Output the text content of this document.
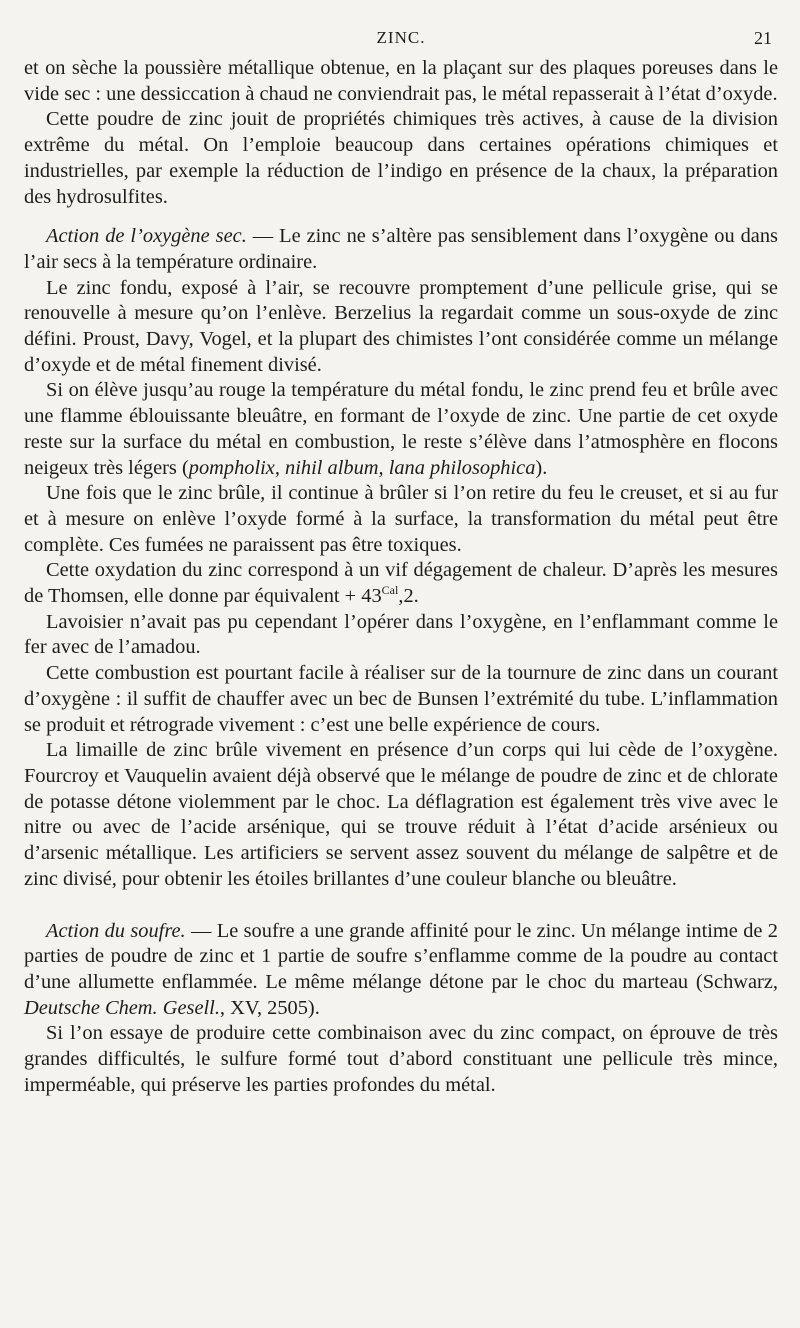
ZINC.	21

et on sèche la poussière métallique obtenue, en la plaçant sur des plaques poreuses dans le vide sec : une dessiccation à chaud ne conviendrait pas, le métal repasserait à l’état d’oxyde.

Cette poudre de zinc jouit de propriétés chimiques très actives, à cause de la division extrême du métal. On l’emploie beaucoup dans certaines opérations chimiques et industrielles, par exemple la réduction de l’indigo en présence de la chaux, la préparation des hydrosulfites.

Action de l’oxygène sec. — Le zinc ne s’altère pas sensiblement dans l’oxygène ou dans l’air secs à la température ordinaire.

Le zinc fondu, exposé à l’air, se recouvre promptement d’une pellicule grise, qui se renouvelle à mesure qu’on l’enlève. Berzelius la regardait comme un sous-oxyde de zinc défini. Proust, Davy, Vogel, et la plupart des chimistes l’ont considérée comme un mélange d’oxyde et de métal finement divisé.

Si on élève jusqu’au rouge la température du métal fondu, le zinc prend feu et brûle avec une flamme éblouissante bleuâtre, en formant de l’oxyde de zinc. Une partie de cet oxyde reste sur la surface du métal en combustion, le reste s’élève dans l’atmosphère en flocons neigeux très légers (pompholix, nihil album, lana philosophica).

Une fois que le zinc brûle, il continue à brûler si l’on retire du feu le creuset, et si au fur et à mesure on enlève l’oxyde formé à la surface, la transformation du métal peut être complète. Ces fumées ne paraissent pas être toxiques.

Cette oxydation du zinc correspond à un vif dégagement de chaleur. D’après les mesures de Thomsen, elle donne par équivalent + $43^{Cal},2$.

Lavoisier n’avait pas pu cependant l’opérer dans l’oxygène, en l’enflammant comme le fer avec de l’amadou.

Cette combustion est pourtant facile à réaliser sur de la tournure de zinc dans un courant d’oxygène : il suffit de chauffer avec un bec de Bunsen l’extrémité du tube. L’inflammation se produit et rétrograde vivement : c’est une belle expérience de cours.

La limaille de zinc brûle vivement en présence d’un corps qui lui cède de l’oxygène. Fourcroy et Vauquelin avaient déjà observé que le mélange de poudre de zinc et de chlorate de potasse détone violemment par le choc. La déflagration est également très vive avec le nitre ou avec de l’acide arsénique, qui se trouve réduit à l’état d’acide arsénieux ou d’arsenic métallique. Les artificiers se servent assez souvent du mélange de salpêtre et de zinc divisé, pour obtenir les étoiles brillantes d’une couleur blanche ou bleuâtre.

Action du soufre. — Le soufre a une grande affinité pour le zinc. Un mélange intime de 2 parties de poudre de zinc et 1 partie de soufre s’enflamme comme de la poudre au contact d’une allumette enflammée. Le même mélange détone par le choc du marteau (Schwarz, Deutsche Chem. Gesell., XV, 2505).

Si l’on essaye de produire cette combinaison avec du zinc compact, on éprouve de très grandes difficultés, le sulfure formé tout d’abord constituant une pellicule très mince, imperméable, qui préserve les parties profondes du métal.
